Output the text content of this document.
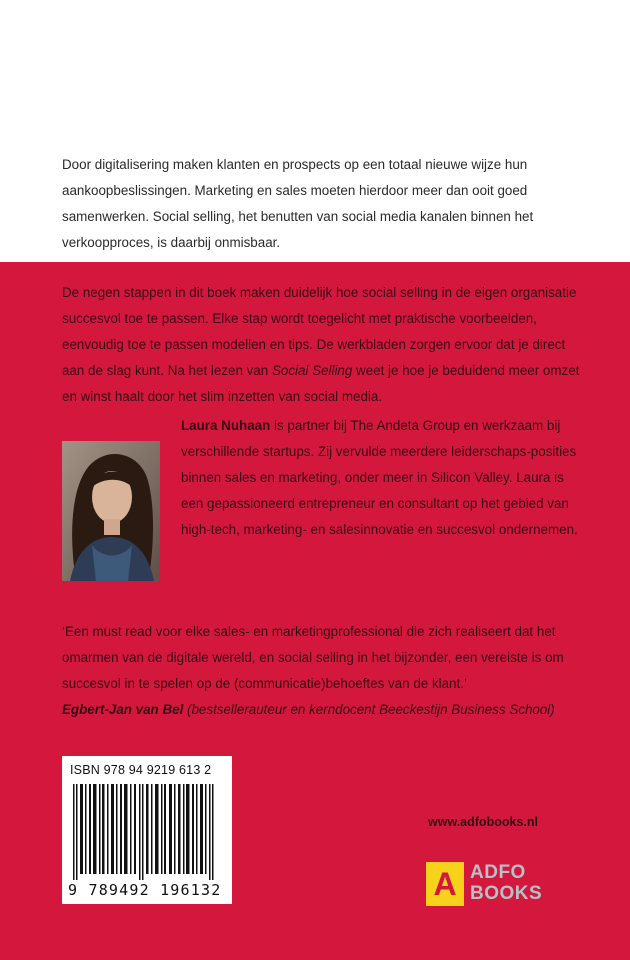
Door digitalisering maken klanten en prospects op een totaal nieuwe wijze hun aankoopbeslissingen. Marketing en sales moeten hierdoor meer dan ooit goed samenwerken. Social selling, het benutten van social media kanalen binnen het verkoopproces, is daarbij onmisbaar.

De negen stappen in dit boek maken duidelijk hoe social selling in de eigen organisatie succesvol toe te passen. Elke stap wordt toegelicht met praktische voorbeelden, eenvoudig toe te passen modellen en tips. De werkbladen zorgen ervoor dat je direct aan de slag kunt. Na het lezen van Social Selling weet je hoe je beduidend meer omzet en winst haalt door het slim inzetten van social media.

Laura Nuhaan is partner bij The Andeta Group en werkzaam bij verschillende startups. Zij vervulde meerdere leiderschaps-posities binnen sales en marketing, onder meer in Silicon Valley. Laura is een gepassioneerd entrepreneur en consultant op het gebied van high-tech, marketing- en salesinnovatie en succesvol ondernemen.

‘Een must read voor elke sales- en marketingprofessional die zich realiseert dat het omarmen van de digitale wereld, en social selling in het bijzonder, een vereiste is om succesvol in te spelen op de (communicatie)behoeftes van de klant.’
Egbert-Jan van Bel (bestsellerauteur en kerndocent Beeckestijn Business School)
ISBN 978 94 9219 613 2
9 789492 196132
www.adfobooks.nl
A ADFO
BOOKS
